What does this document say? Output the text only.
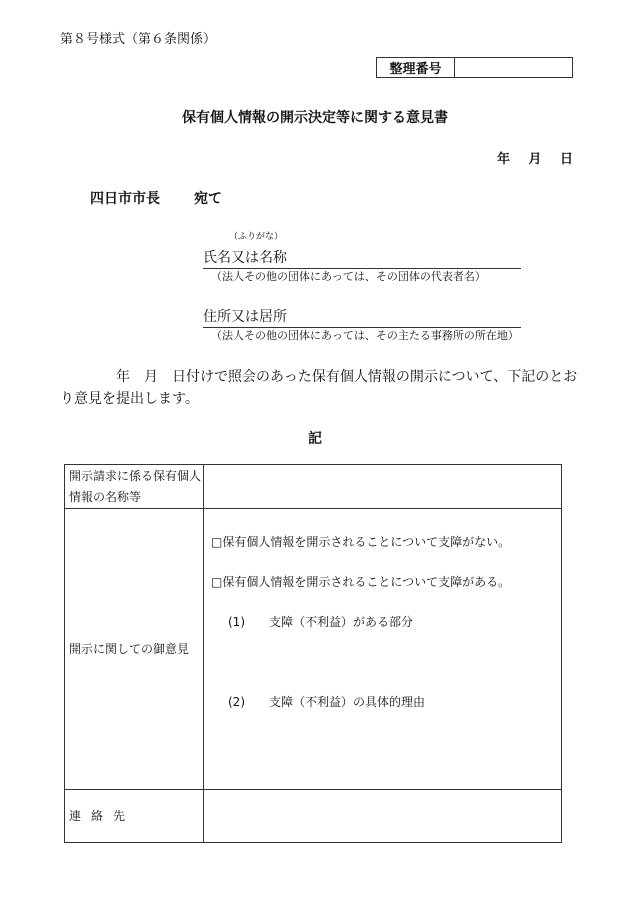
第８号様式（第６条関係）
整理番号
保有個人情報の開示決定等に関する意見書
年 月 日
四日市市長 宛て
（ふりがな）
氏名又は名称
（法人その他の団体にあっては、その団体の代表者名）
住所又は居所
（法人その他の団体にあっては、その主たる事務所の所在地）
年　月　日付けで照会のあった保有個人情報の開示について、下記のとおり意見を提出します。
記
開示請求に係る保有個人情報の名称等	
開示に関しての御意見	□保有個人情報を開示されることについて支障がない。
□保有個人情報を開示されることについて支障がある。
(1)　　支障（不利益）がある部分
(2)　　支障（不利益）の具体的理由

連 絡 先	
